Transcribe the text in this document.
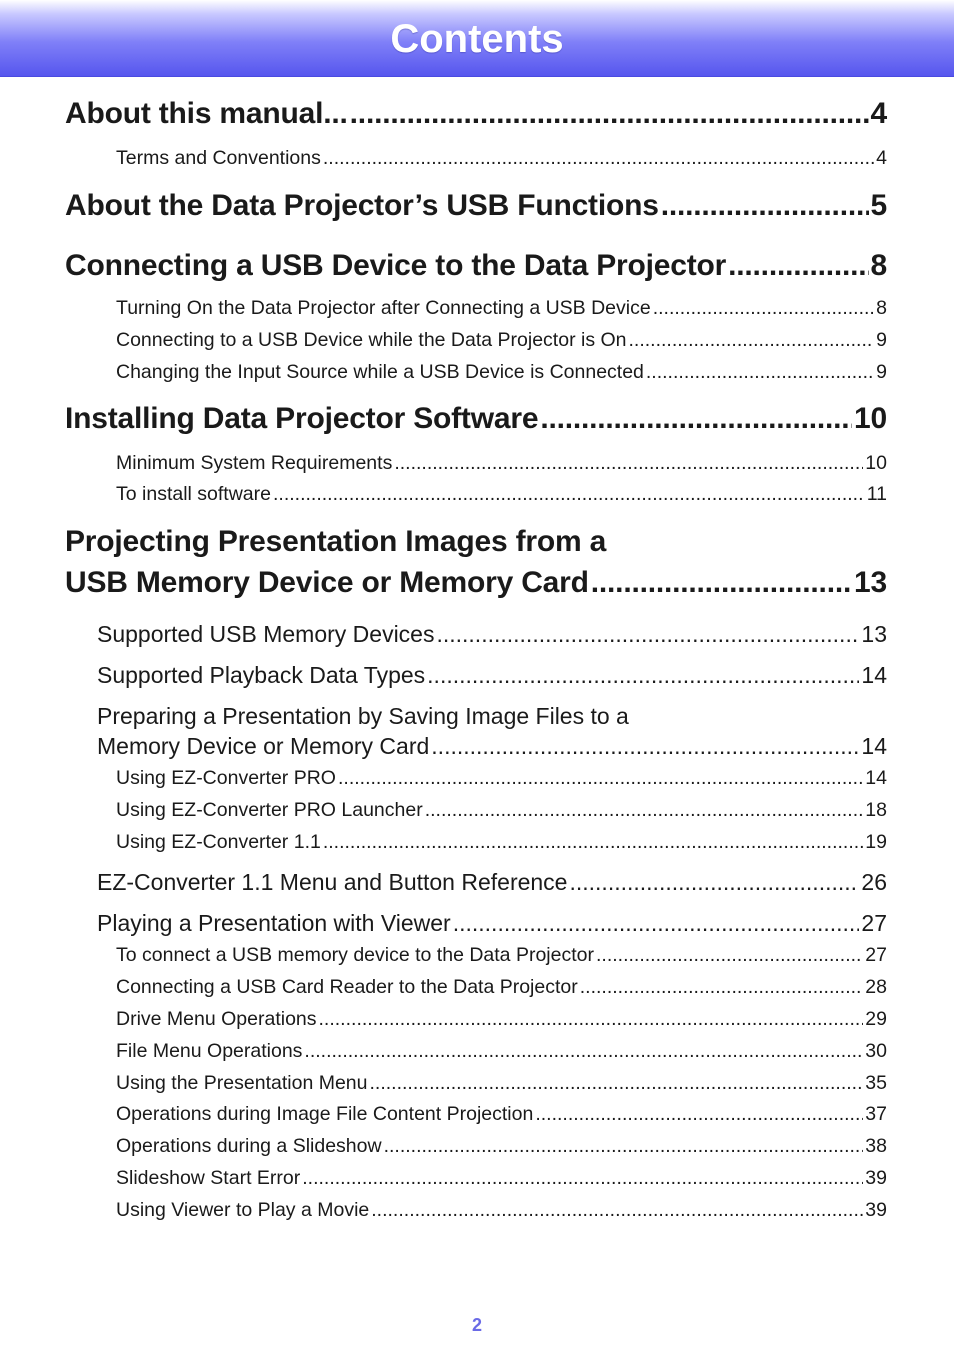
Contents
About this manual... .....	4
Terms and Conventions .....	4
About the Data Projector’s USB Functions .....	5
Connecting a USB Device to the Data Projector .....	8
Turning On the Data Projector after Connecting a USB Device .....	8
Connecting to a USB Device while the Data Projector is On .....	9
Changing the Input Source while a USB Device is Connected .....	9
Installing Data Projector Software .....	10
Minimum System Requirements .....	10
To install software .....	11
Projecting Presentation Images from a
USB Memory Device or Memory Card .....	13
Supported USB Memory Devices .....	13
Supported Playback Data Types .....	14
Preparing a Presentation by Saving Image Files to a
Memory Device or Memory Card .....	14
Using EZ-Converter PRO .....	14
Using EZ-Converter PRO Launcher .....	18
Using EZ-Converter 1.1 .....	19
EZ-Converter 1.1 Menu and Button Reference .....	26
Playing a Presentation with Viewer .....	27
To connect a USB memory device to the Data Projector .....	27
Connecting a USB Card Reader to the Data Projector .....	28
Drive Menu Operations .....	29
File Menu Operations .....	30
Using the Presentation Menu .....	35
Operations during Image File Content Projection .....	37
Operations during a Slideshow .....	38
Slideshow Start Error .....	39
Using Viewer to Play a Movie .....	39
2
